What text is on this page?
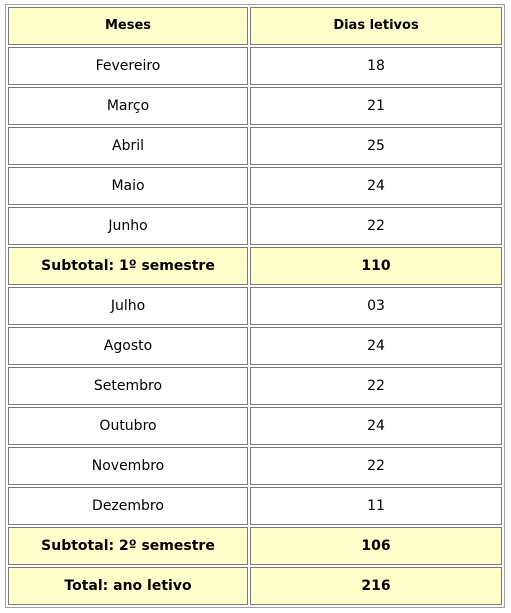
Meses	Dias letivos
Fevereiro	18
Março	21
Abril	25
Maio	24
Junho	22
Subtotal: 1º semestre	110
Julho	03
Agosto	24
Setembro	22
Outubro	24
Novembro	22
Dezembro	11
Subtotal: 2º semestre	106
Total: ano letivo	216
